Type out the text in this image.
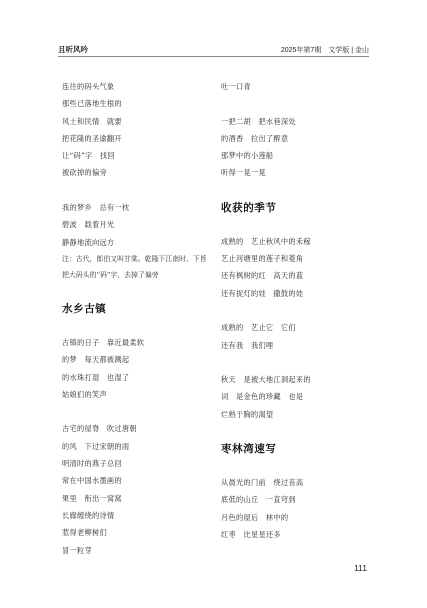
且听风吟	2025年第7期　文学版 | 金山
连往的码头气象
那些已落地生根的
风土和民情　就要
把花隆的圣谕翻开
让“码”字　找回
被砍掉的偏旁
我的梦乡　总有一枕
碧波　载着月光
静静地流向远方
注：古代，郎伯又叫甘棠。乾隆下江南时，下旨把大码头的“码”字，去掉了偏旁
水乡古镇
古镇的日子　靠近最柔软
的梦　每天都被溅起
的水珠打湿　也湿了
姑娘们的笑声
古宅的屋脊　吹过唐朝
的风　下过宋朝的雨
明清时的燕子总回
常在中国水墨画的
果里　衔出一窝窝
长廊缠绕的诗情
惹得老柳树们
冒一粒芽
吐一口青
一把二胡　把水巷深处
的酒香　拉出了醉意
那梦中的小莲船
听得一晃一晃
收获的季节
成熟的　艺止秋风中的禾稼
艺止河塘里的莲子和菱角
还有枫树的红　高天的蓝
还有捉灯的娃　撒鼓的娃
成熟的　艺止它　它们
还有我　我们哩
秋天　是被大地江洞起来的
词　是金色的珍藏　也是
烂熟于胸的渴望
枣林湾速写
从晨光的门前　绕过丧高
底低的山丘　一直穹到
月色的屋后　林中的
红枣　比星星还多
111
